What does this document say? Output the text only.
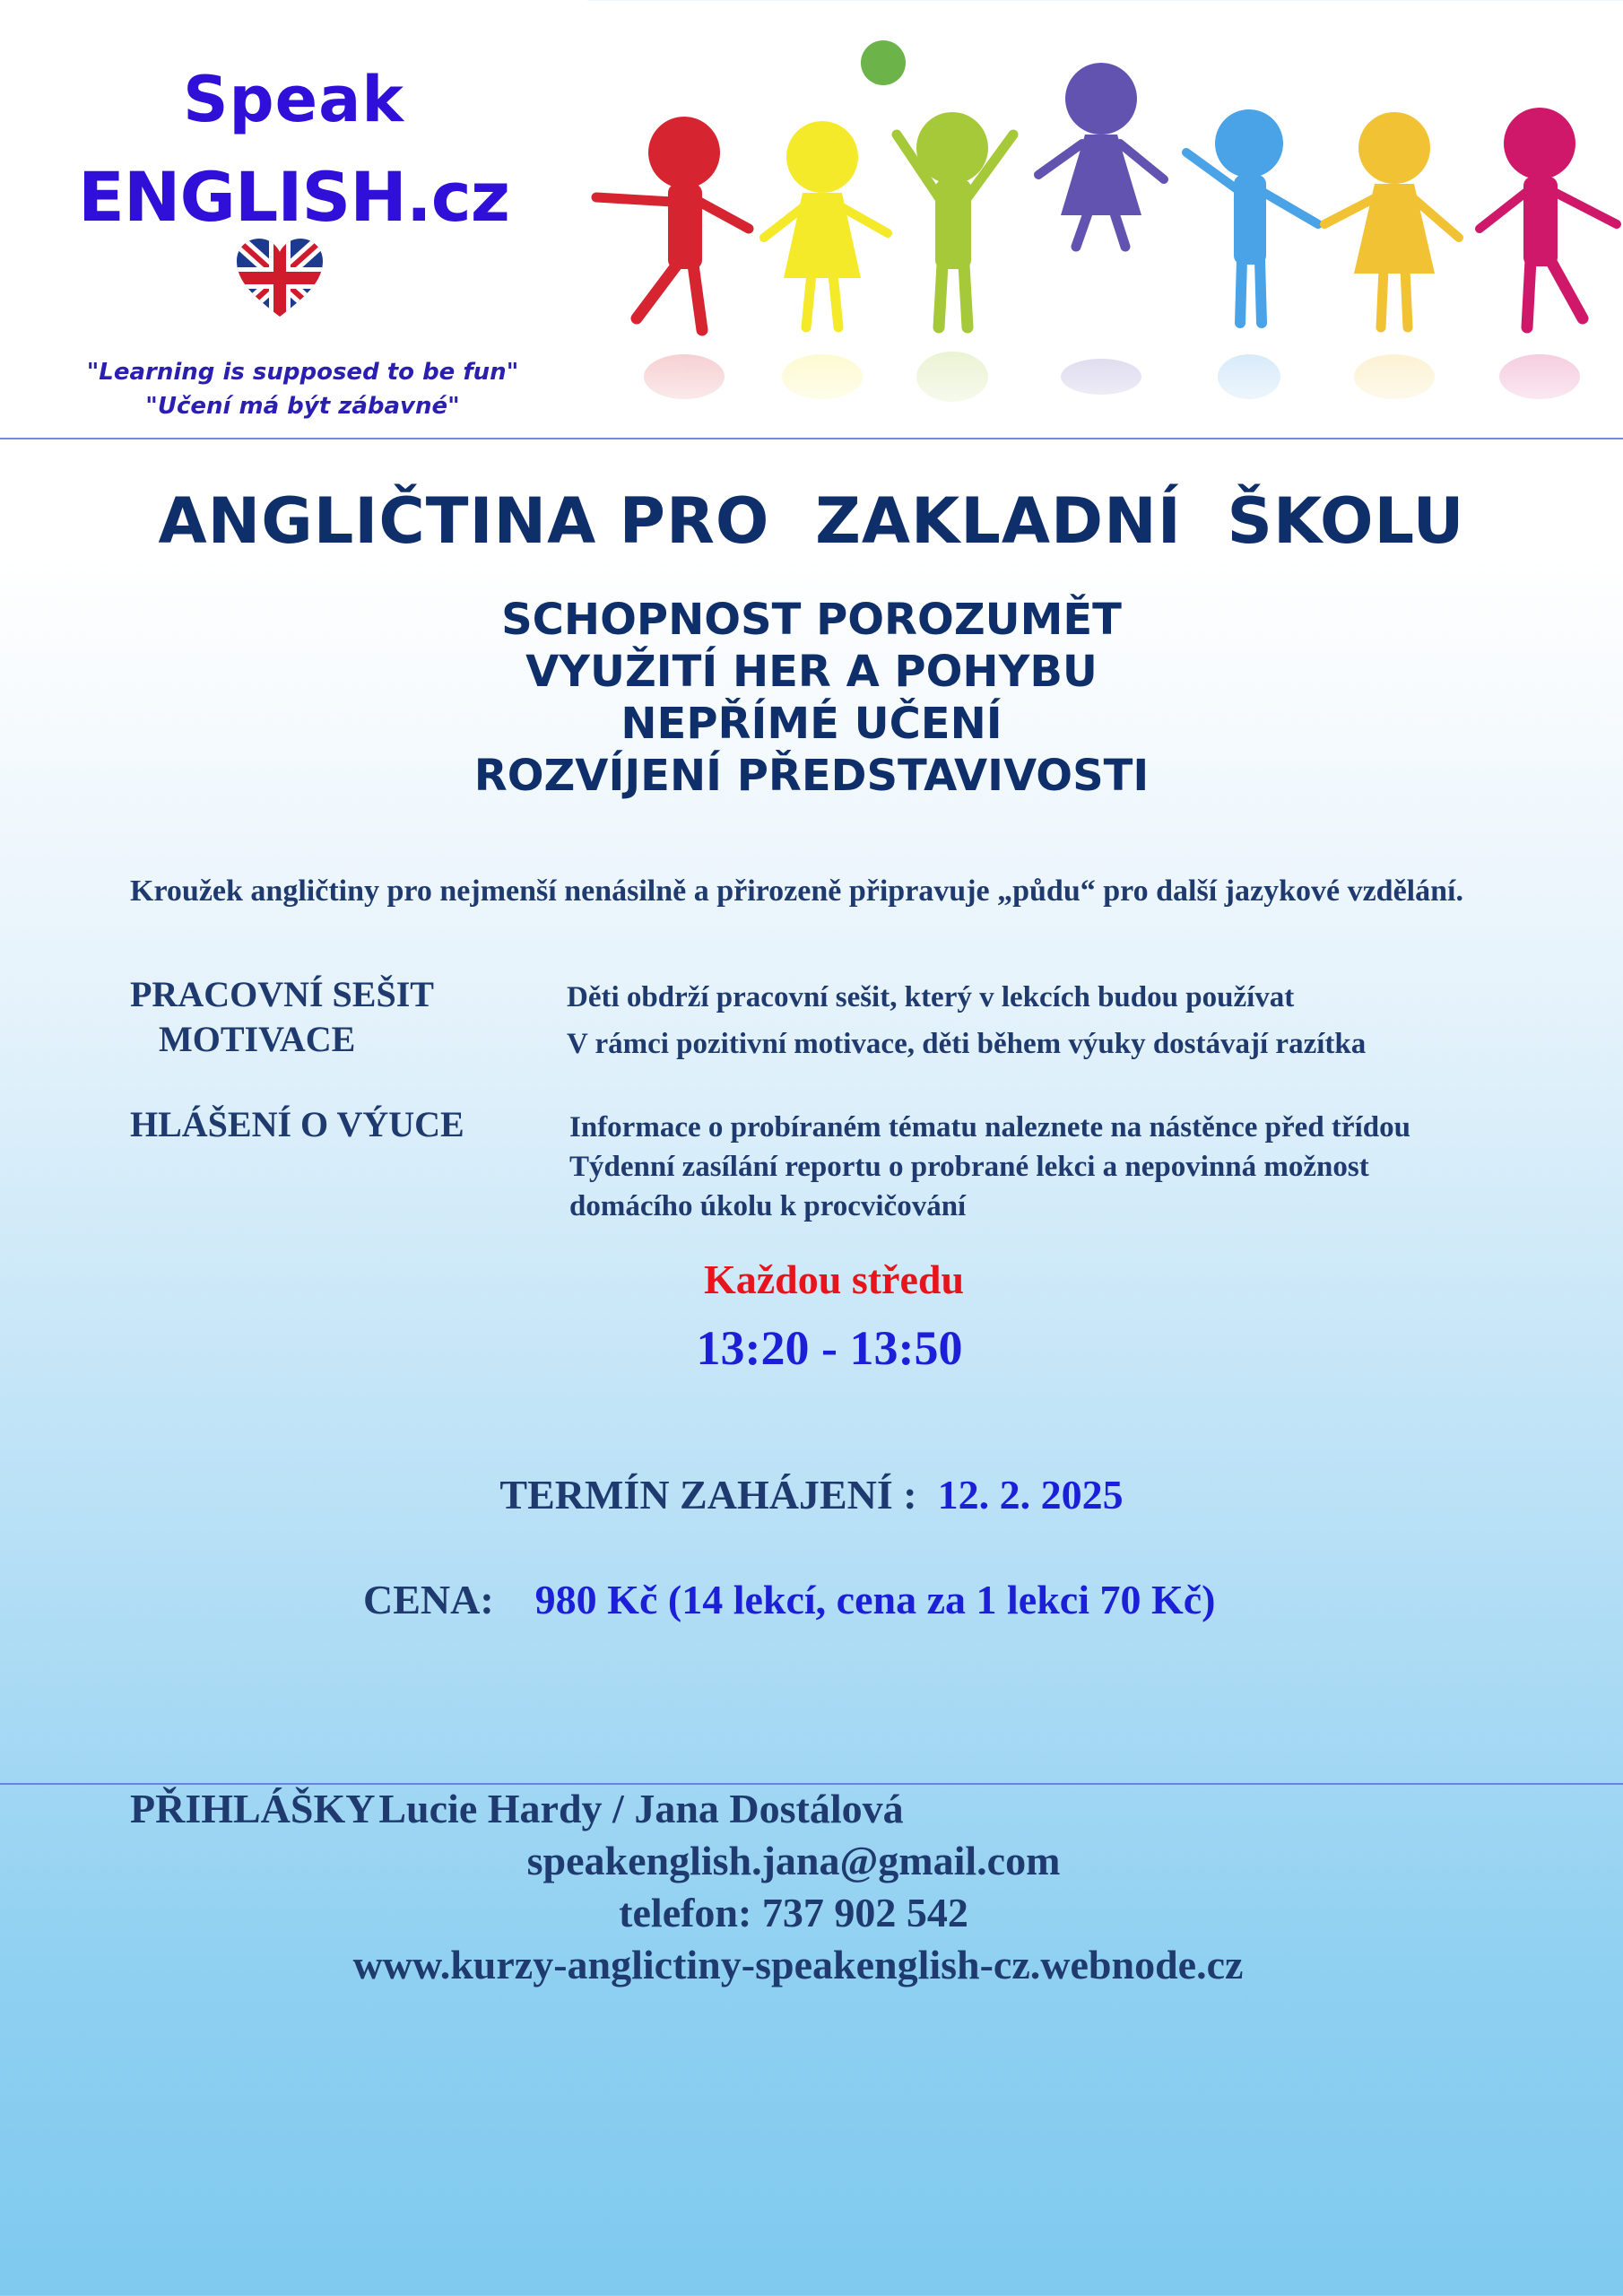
Speak
ENGLISH.cz
"Learning is supposed to be fun"
"Učení má být zábavné"
ANGLIČTINA PRO  ZAKLADNÍ  ŠKOLU
SCHOPNOST POROZUMĚT
VYUŽITÍ HER A POHYBU
NEPŘÍMÉ UČENÍ
ROZVÍJENÍ PŘEDSTAVIVOSTI
Kroužek angličtiny pro nejmenší nenásilně a přirozeně připravuje „půdu“ pro další jazykové vzdělání.
PRACOVNÍ SEŠIT	Děti obdrží pracovní sešit, který v lekcích budou používat
MOTIVACE	V rámci pozitivní motivace, děti během výuky dostávají razítka
HLÁŠENÍ O VÝUCE	Informace o probíraném tématu naleznete na nástěnce před třídou
Týdenní zasílání reportu o probrané lekci a nepovinná možnost
domácího úkolu k procvičování
Každou středu
13:20 - 13:50
TERMÍN ZAHÁJENÍ : 12. 2. 2025
CENA: 980 Kč (14 lekcí, cena za 1 lekci 70 Kč)
PŘIHLÁŠKY Lucie Hardy / Jana Dostálová
speakenglish.jana@gmail.com
telefon: 737 902 542
www.kurzy-anglictiny-speakenglish-cz.webnode.cz
